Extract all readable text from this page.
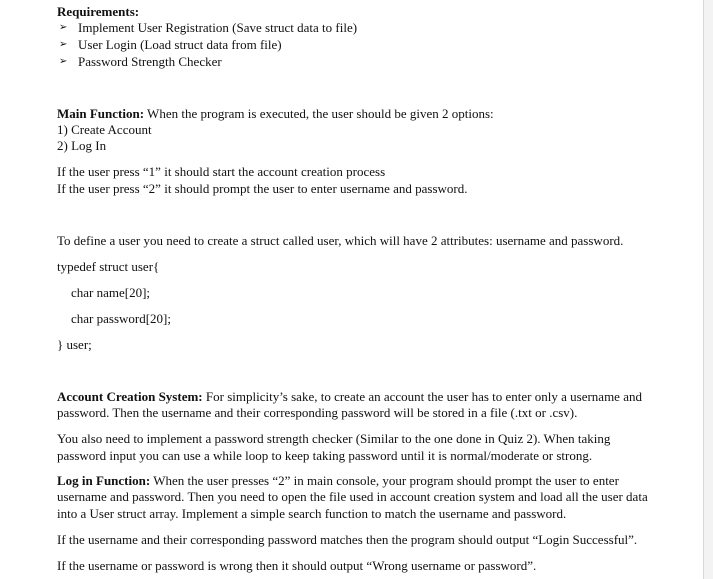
Requirements:
➢ Implement User Registration (Save struct data to file)
➢ User Login (Load struct data from file)
➢ Password Strength Checker
Main Function: When the program is executed, the user should be given 2 options:
1) Create Account
2) Log In
If the user press “1” it should start the account creation process
If the user press “2” it should prompt the user to enter username and password.
To define a user you need to create a struct called user, which will have 2 attributes: username and password.
typedef struct user{
char name[20];
char password[20];
} user;
Account Creation System: For simplicity’s sake, to create an account the user has to enter only a username and
password. Then the username and their corresponding password will be stored in a file (.txt or .csv).
You also need to implement a password strength checker (Similar to the one done in Quiz 2). When taking
password input you can use a while loop to keep taking password until it is normal/moderate or strong.
Log in Function: When the user presses “2” in main console, your program should prompt the user to enter
username and password. Then you need to open the file used in account creation system and load all the user data
into a User struct array. Implement a simple search function to match the username and password.
If the username and their corresponding password matches then the program should output “Login Successful”.
If the username or password is wrong then it should output “Wrong username or password”.
